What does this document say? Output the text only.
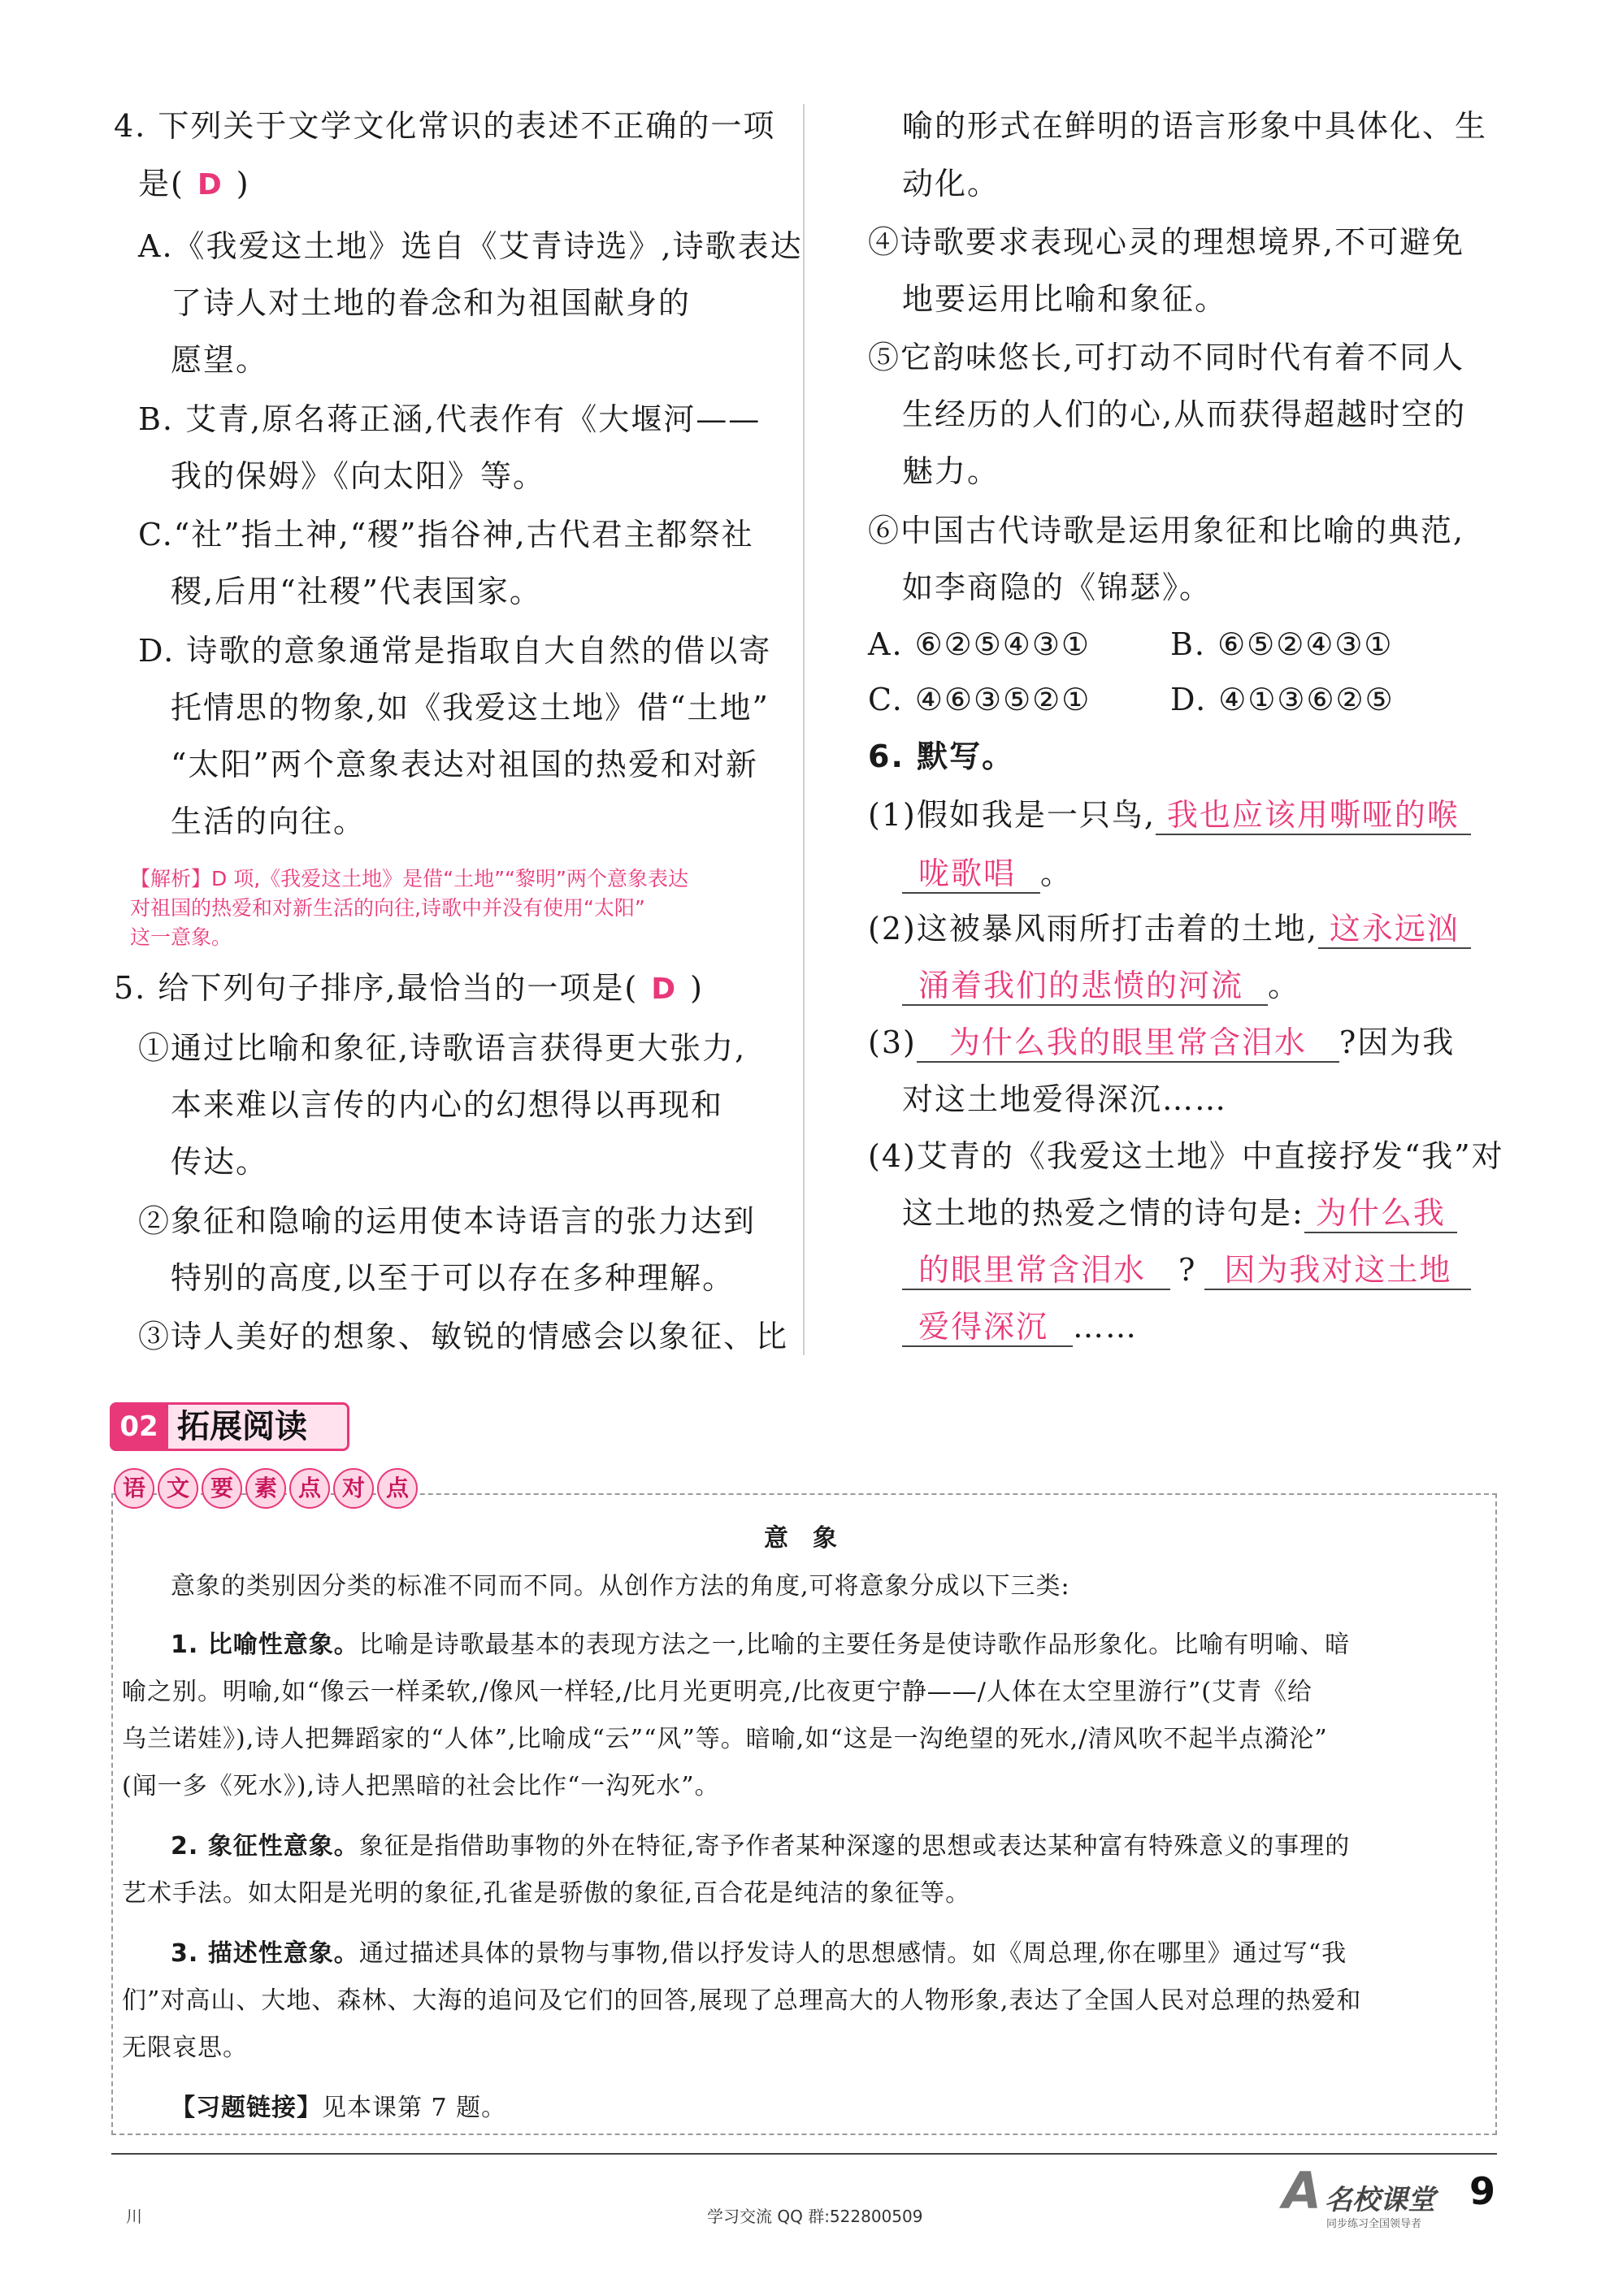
4. 下列关于文学文化常识的表述不正确的一项
是( D )
A.《我爱这土地》选自《艾青诗选》,诗歌表达
了诗人对土地的眷念和为祖国献身的
愿望。
B. 艾青,原名蒋正涵,代表作有《大堰河——
我的保姆》《向太阳》等。
C.“社”指土神,“稷”指谷神,古代君主都祭社
稷,后用“社稷”代表国家。
D. 诗歌的意象通常是指取自大自然的借以寄
托情思的物象,如《我爱这土地》借“土地”
“太阳”两个意象表达对祖国的热爱和对新
生活的向往。
【解析】D 项,《我爱这土地》是借“土地”“黎明”两个意象表达
对祖国的热爱和对新生活的向往,诗歌中并没有使用“太阳”
这一意象。
5. 给下列句子排序,最恰当的一项是( D )
①通过比喻和象征,诗歌语言获得更大张力,
本来难以言传的内心的幻想得以再现和
传达。
②象征和隐喻的运用使本诗语言的张力达到
特别的高度,以至于可以存在多种理解。
③诗人美好的想象、敏锐的情感会以象征、比
喻的形式在鲜明的语言形象中具体化、生
动化。
④诗歌要求表现心灵的理想境界,不可避免
地要运用比喻和象征。
⑤它韵味悠长,可打动不同时代有着不同人
生经历的人们的心,从而获得超越时空的
魅力。
⑥中国古代诗歌是运用象征和比喻的典范,
如李商隐的《锦瑟》。
A. ⑥②⑤④③①	B. ⑥⑤②④③①
C. ④⑥③⑤②①	D. ④①③⑥②⑤
6. 默写。
(1)假如我是一只鸟, 我也应该用嘶哑的喉
咙歌唱 。
(2)这被暴风雨所打击着的土地, 这永远汹
涌着我们的悲愤的河流 。
(3) 为什么我的眼里常含泪水 ?因为我
对这土地爱得深沉……
(4)艾青的《我爱这土地》中直接抒发“我”对
这土地的热爱之情的诗句是: 为什么我
的眼里常含泪水 ? 因为我对这土地
爱得深沉 ……
02 拓展阅读
语 文 要 素 点 对 点
意　象
意象的类别因分类的标准不同而不同。从创作方法的角度,可将意象分成以下三类:
1. 比喻性意象。比喻是诗歌最基本的表现方法之一,比喻的主要任务是使诗歌作品形象化。比喻有明喻、暗
喻之别。明喻,如“像云一样柔软,/像风一样轻,/比月光更明亮,/比夜更宁静——/人体在太空里游行”(艾青《给
乌兰诺娃》),诗人把舞蹈家的“人体”,比喻成“云”“风”等。暗喻,如“这是一沟绝望的死水,/清风吹不起半点漪沦”
(闻一多《死水》),诗人把黑暗的社会比作“一沟死水”。
2. 象征性意象。象征是指借助事物的外在特征,寄予作者某种深邃的思想或表达某种富有特殊意义的事理的
艺术手法。如太阳是光明的象征,孔雀是骄傲的象征,百合花是纯洁的象征等。
3. 描述性意象。通过描述具体的景物与事物,借以抒发诗人的思想感情。如《周总理,你在哪里》通过写“我
们”对高山、大地、森林、大海的追问及它们的回答,展现了总理高大的人物形象,表达了全国人民对总理的热爱和
无限哀思。
【习题链接】见本课第 7 题。
川	学习交流 QQ 群:522800509	A 名校课堂
同步练习全国领导者
9
